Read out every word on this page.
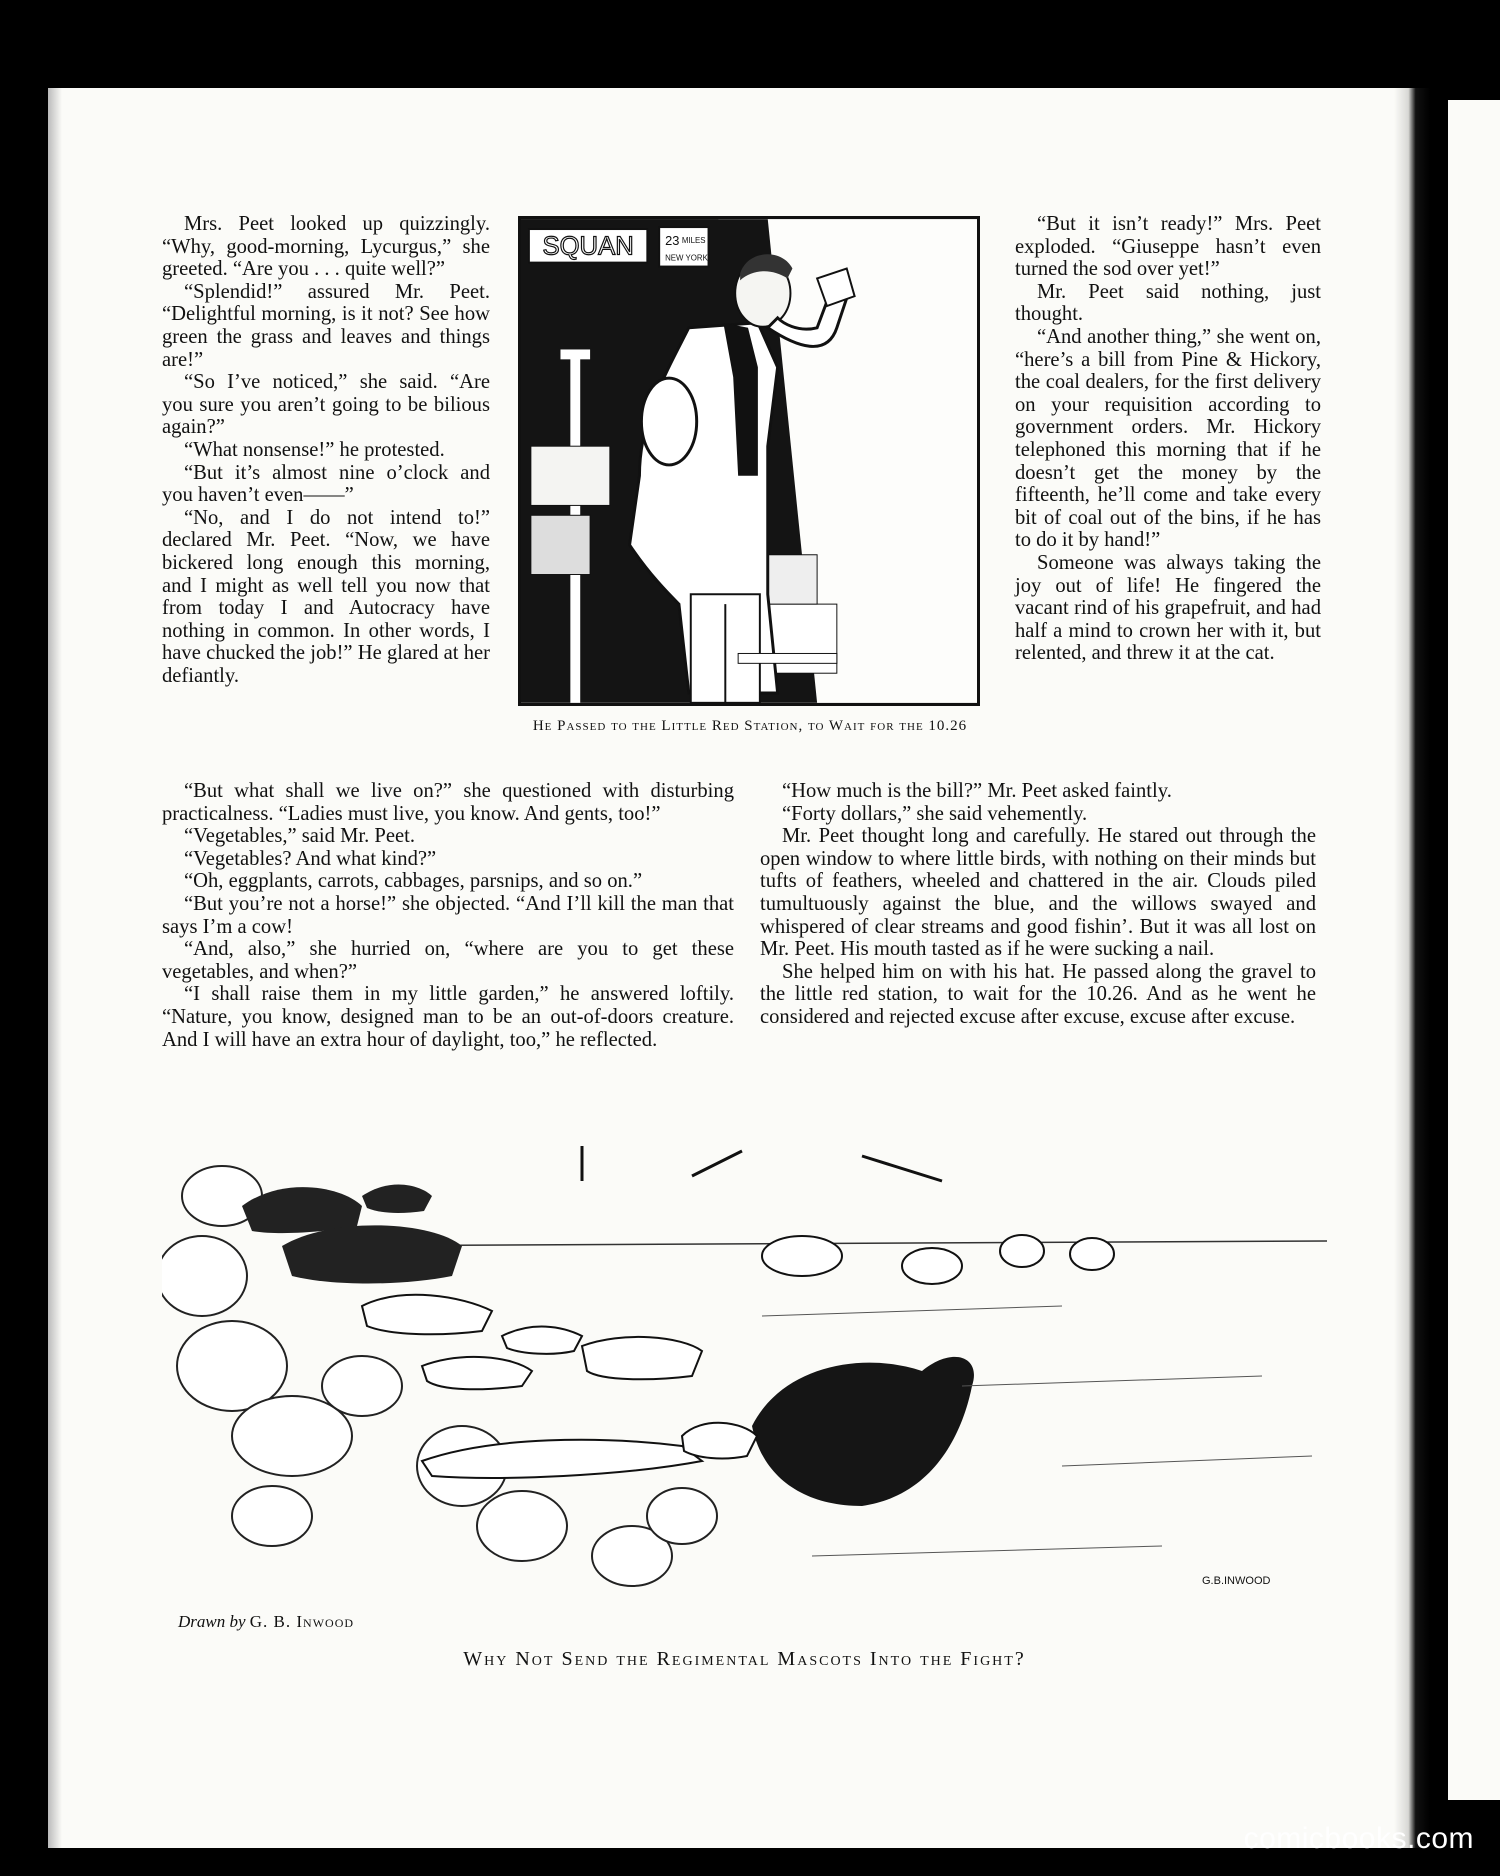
Mrs. Peet looked up quizzingly. “Why, good-morning, Lycurgus,” she greeted. “Are you . . . quite well?”

“Splendid!” assured Mr. Peet. “Delightful morning, is it not? See how green the grass and leaves and things are!”

“So I’ve noticed,” she said. “Are you sure you aren’t going to be bilious again?”

“What nonsense!” he protested.

“But it’s almost nine o’clock and you haven’t even——”

“No, and I do not intend to!” declared Mr. Peet. “Now, we have bickered long enough this morning, and I might as well tell you now that from today I and Autocracy have nothing in common. In other words, I have chucked the job!” He glared at her defiantly.

SQUAN 23 MILES
NEW YORK
He Passed to the Little Red Station, to Wait for the 10.26

“But it isn’t ready!” Mrs. Peet exploded. “Giuseppe hasn’t even turned the sod over yet!”

Mr. Peet said nothing, just thought.

“And another thing,” she went on, “here’s a bill from Pine & Hickory, the coal dealers, for the first delivery on your requisition according to government orders. Mr. Hickory telephoned this morning that if he doesn’t get the money by the fifteenth, he’ll come and take every bit of coal out of the bins, if he has to do it by hand!”

Someone was always taking the joy out of life! He fingered the vacant rind of his grapefruit, and had half a mind to crown her with it, but relented, and threw it at the cat.

“But what shall we live on?” she questioned with disturbing practicalness. “Ladies must live, you know. And gents, too!”

“Vegetables,” said Mr. Peet.

“Vegetables? And what kind?”

“Oh, eggplants, carrots, cabbages, parsnips, and so on.”

“But you’re not a horse!” she objected. “And I’ll kill the man that says I’m a cow!

“And, also,” she hurried on, “where are you to get these vegetables, and when?”

“I shall raise them in my little garden,” he answered loftily. “Nature, you know, designed man to be an out-of-doors creature. And I will have an extra hour of daylight, too,” he reflected.

“How much is the bill?” Mr. Peet asked faintly.

“Forty dollars,” she said vehemently.

Mr. Peet thought long and carefully. He stared out through the open window to where little birds, with nothing on their minds but tufts of feathers, wheeled and chattered in the air. Clouds piled tumultuously against the blue, and the willows swayed and whispered of clear streams and good fishin’. But it was all lost on Mr. Peet. His mouth tasted as if he were sucking a nail.

She helped him on with his hat. He passed along the gravel to the little red station, to wait for the 10.26. And as he went he considered and rejected excuse after excuse, excuse after excuse.

G.B.INWOOD
Drawn by G. B. Inwood
Why Not Send the Regimental Mascots Into the Fight?
comicbooks.com
